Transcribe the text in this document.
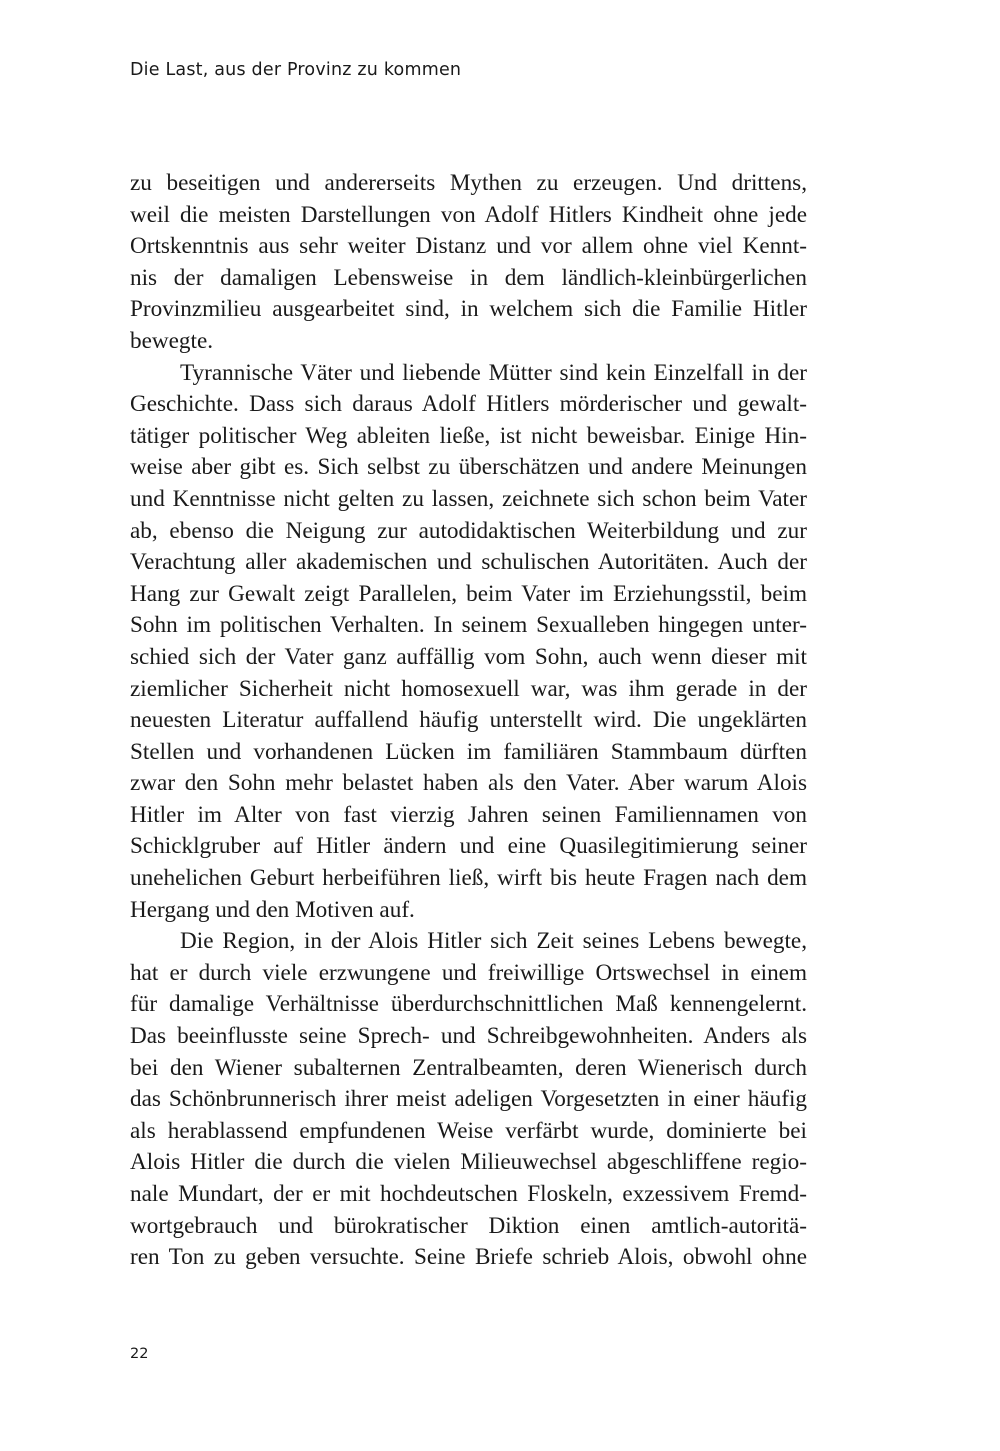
Die Last, aus der Provinz zu kommen
zu beseitigen und andererseits Mythen zu erzeugen. Und drittens,
weil die meisten Darstellungen von Adolf Hitlers Kindheit ohne jede
Ortskenntnis aus sehr weiter Distanz und vor allem ohne viel Kennt-
nis der damaligen Lebensweise in dem ländlich-kleinbürgerlichen
Provinzmilieu ausgearbeitet sind, in welchem sich die Familie Hitler
bewegte.
Tyrannische Väter und liebende Mütter sind kein Einzelfall in der
Geschichte. Dass sich daraus Adolf Hitlers mörderischer und gewalt-
tätiger politischer Weg ableiten ließe, ist nicht beweisbar. Einige Hin-
weise aber gibt es. Sich selbst zu überschätzen und andere Meinungen
und Kenntnisse nicht gelten zu lassen, zeichnete sich schon beim Vater
ab, ebenso die Neigung zur autodidaktischen Weiterbildung und zur
Verachtung aller akademischen und schulischen Autoritäten. Auch der
Hang zur Gewalt zeigt Parallelen, beim Vater im Erziehungsstil, beim
Sohn im politischen Verhalten. In seinem Sexualleben hingegen unter-
schied sich der Vater ganz auffällig vom Sohn, auch wenn dieser mit
ziemlicher Sicherheit nicht homosexuell war, was ihm gerade in der
neuesten Literatur auffallend häufig unterstellt wird. Die ungeklärten
Stellen und vorhandenen Lücken im familiären Stammbaum dürften
zwar den Sohn mehr belastet haben als den Vater. Aber warum Alois
Hitler im Alter von fast vierzig Jahren seinen Familiennamen von
Schicklgruber auf Hitler ändern und eine Quasilegitimierung seiner
unehelichen Geburt herbeiführen ließ, wirft bis heute Fragen nach dem
Hergang und den Motiven auf.
Die Region, in der Alois Hitler sich Zeit seines Lebens bewegte,
hat er durch viele erzwungene und freiwillige Ortswechsel in einem
für damalige Verhältnisse überdurchschnittlichen Maß kennengelernt.
Das beeinflusste seine Sprech- und Schreibgewohnheiten. Anders als
bei den Wiener subalternen Zentralbeamten, deren Wienerisch durch
das Schönbrunnerisch ihrer meist adeligen Vorgesetzten in einer häufig
als herablassend empfundenen Weise verfärbt wurde, dominierte bei
Alois Hitler die durch die vielen Milieuwechsel abgeschliffene regio-
nale Mundart, der er mit hochdeutschen Floskeln, exzessivem Fremd-
wortgebrauch und bürokratischer Diktion einen amtlich-autoritä-
ren Ton zu geben versuchte. Seine Briefe schrieb Alois, obwohl ohne
22
